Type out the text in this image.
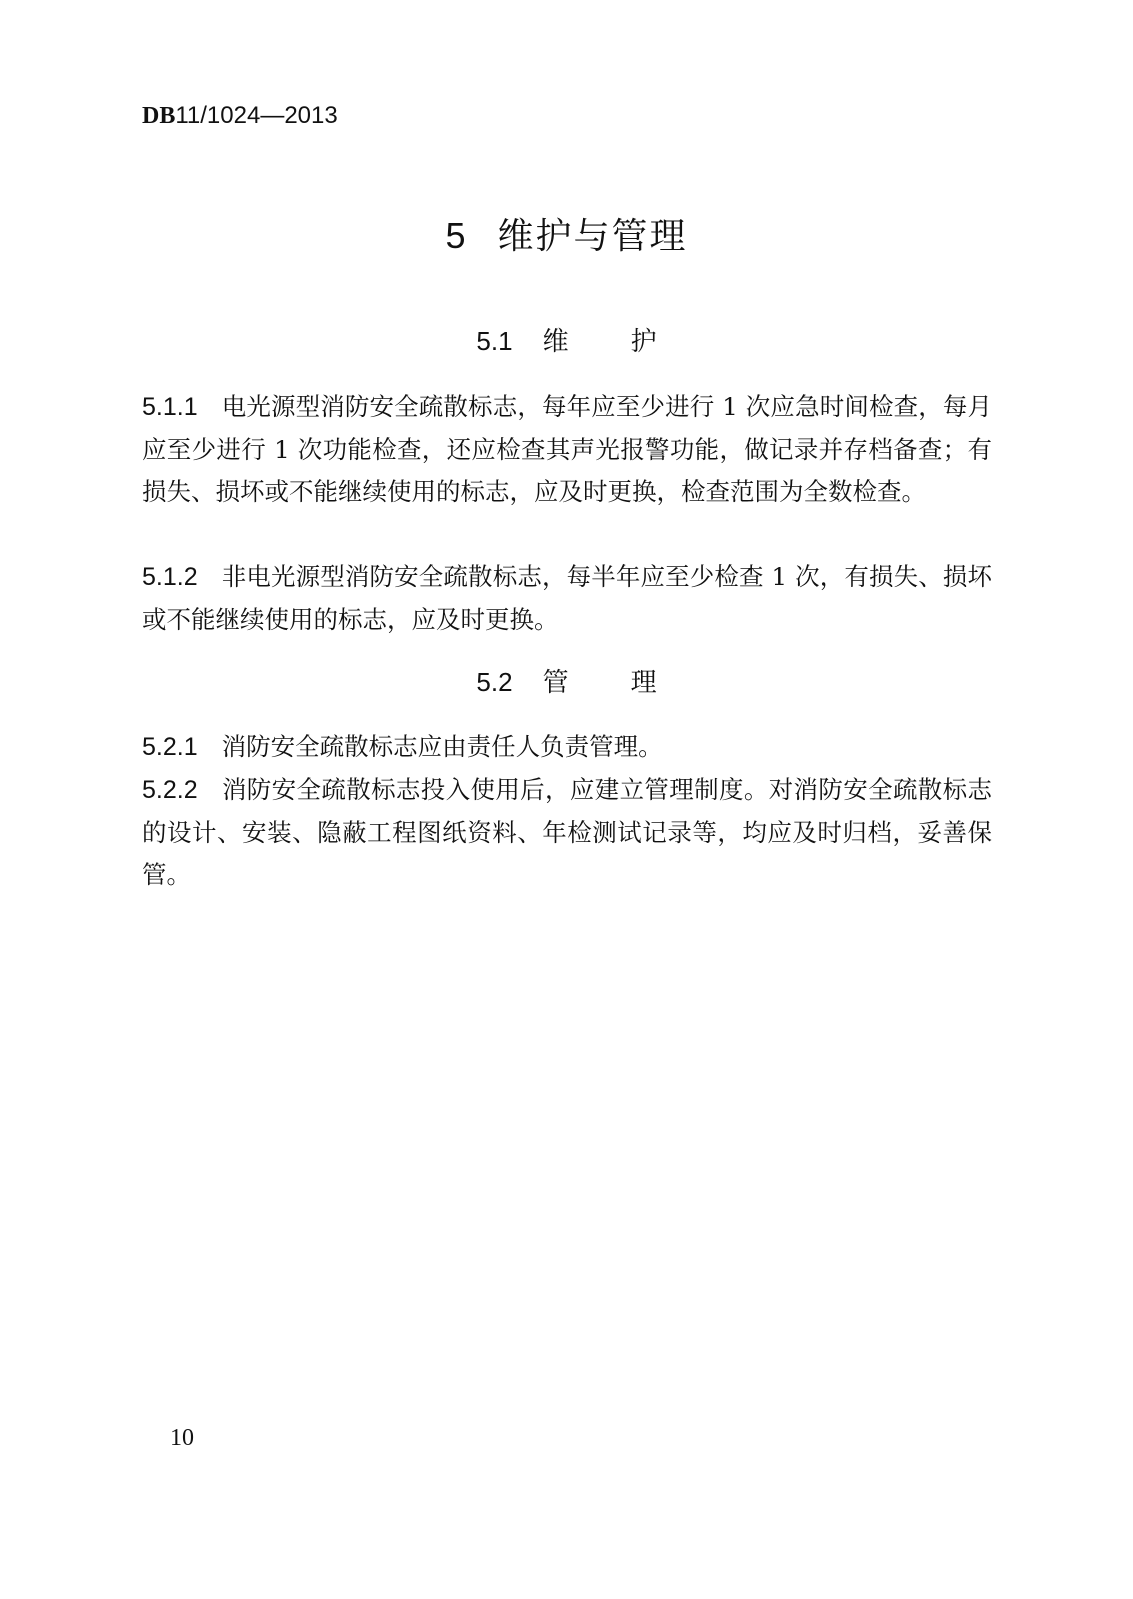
DB11/1024—2013
5 维护与管理
5.1 维 护

5.1.1 电光源型消防安全疏散标志，每年应至少进行 1 次应急时间检查，每月应至少进行 1 次功能检查，还应检查其声光报警功能，做记录并存档备查；有损失、损坏或不能继续使用的标志，应及时更换，检查范围为全数检查。

5.1.2 非电光源型消防安全疏散标志，每半年应至少检查 1 次，有损失、损坏或不能继续使用的标志，应及时更换。

5.2 管 理

5.2.1 消防安全疏散标志应由责任人负责管理。

5.2.2 消防安全疏散标志投入使用后，应建立管理制度。对消防安全疏散标志的设计、安装、隐蔽工程图纸资料、年检测试记录等，均应及时归档，妥善保管。

10
